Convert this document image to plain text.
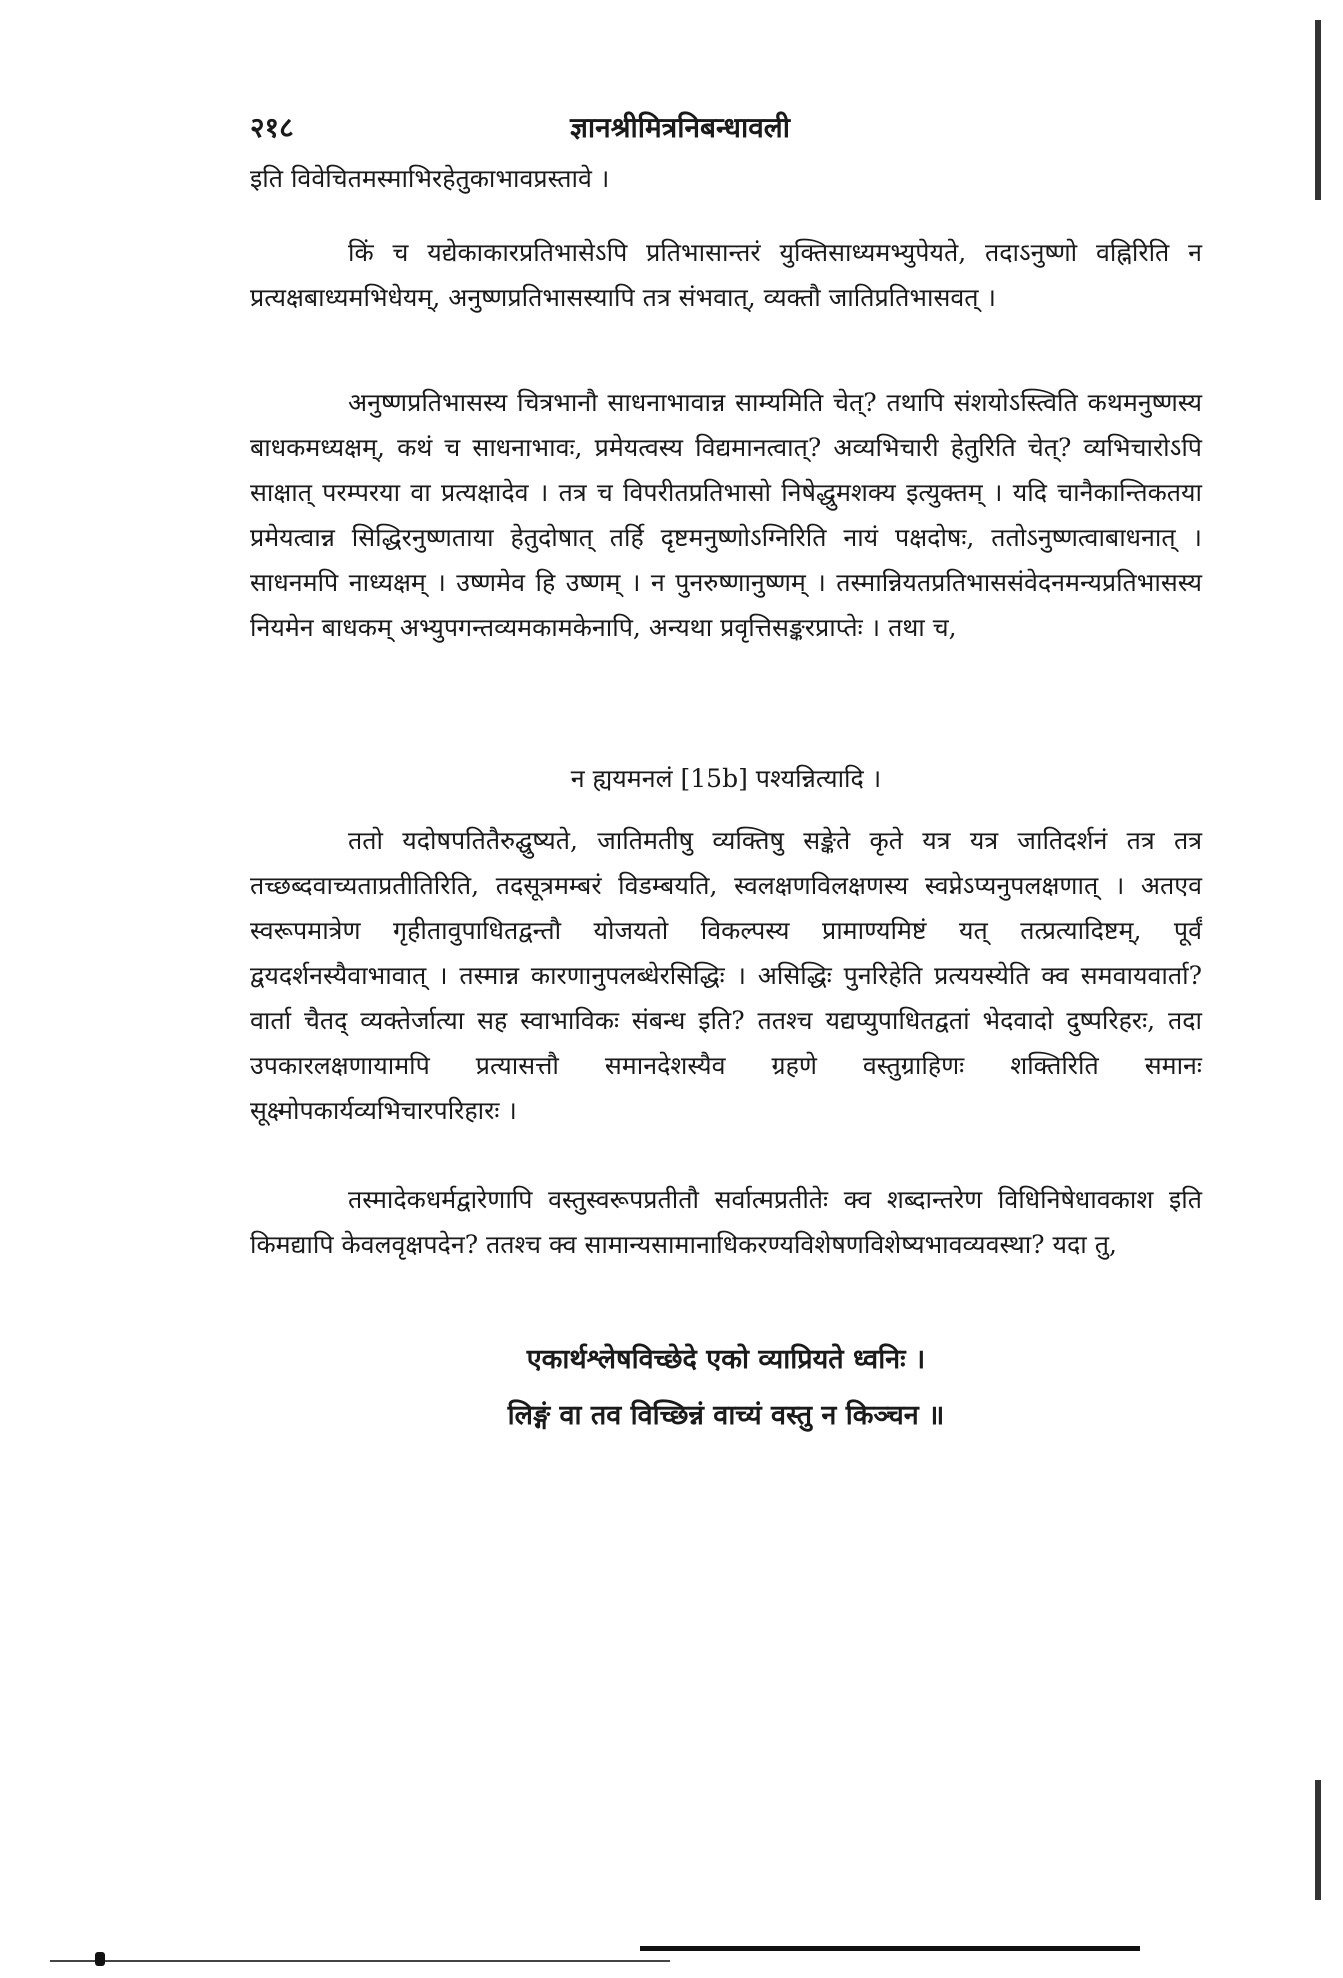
२१८	ज्ञानश्रीमित्रनिबन्धावली

इति विवेचितमस्माभिरहेतुकाभावप्रस्तावे ।

किं च यद्येकाकारप्रतिभासेऽपि प्रतिभासान्तरं युक्तिसाध्यमभ्युपेयते, तदाऽनुष्णो वह्निरिति न प्रत्यक्षबाध्यमभिधेयम्, अनुष्णप्रतिभासस्यापि तत्र संभवात्, व्यक्तौ जातिप्रतिभासवत् ।

अनुष्णप्रतिभासस्य चित्रभानौ साधनाभावान्न साम्यमिति चेत्? तथापि संशयोऽस्त्विति कथमनुष्णस्य बाधकमध्यक्षम्, कथं च साधनाभावः, प्रमेयत्वस्य विद्यमानत्वात्? अव्यभिचारी हेतुरिति चेत्? व्यभिचारोऽपि साक्षात् परम्परया वा प्रत्यक्षादेव । तत्र च विपरीतप्रतिभासो निषेद्धुमशक्य इत्युक्तम् । यदि चानैकान्तिकतया प्रमेयत्वान्न सिद्धिरनुष्णताया हेतुदोषात् तर्हि दृष्टमनुष्णोऽग्निरिति नायं पक्षदोषः, ततोऽनुष्णत्वाबाधनात् । साधनमपि नाध्यक्षम् । उष्णमेव हि उष्णम् । न पुनरुष्णानुष्णम् । तस्मान्नियतप्रतिभाससंवेदनमन्यप्रतिभासस्य नियमेन बाधकम् अभ्युपगन्तव्यमकामकेनापि, अन्यथा प्रवृत्तिसङ्करप्राप्तेः । तथा च,

न ह्ययमनलं [15b] पश्यन्नित्यादि ।

ततो यदोषपतितैरुद्घुष्यते, जातिमतीषु व्यक्तिषु सङ्केते कृते यत्र यत्र जातिदर्शनं तत्र तत्र तच्छब्दवाच्यताप्रतीतिरिति, तदसूत्रमम्बरं विडम्बयति, स्वलक्षणविलक्षणस्य स्वप्नेऽप्यनुपलक्षणात् । अतएव स्वरूपमात्रेण गृहीतावुपाधितद्वन्तौ योजयतो विकल्पस्य प्रामाण्यमिष्टं यत् तत्प्रत्यादिष्टम्, पूर्वं द्वयदर्शनस्यैवाभावात् । तस्मान्न कारणानुपलब्धेरसिद्धिः । असिद्धिः पुनरिहेति प्रत्ययस्येति क्व समवायवार्ता? वार्ता चैतद् व्यक्तेर्जात्या सह स्वाभाविकः संबन्ध इति? ततश्च यद्यप्युपाधितद्वतां भेदवादो दुष्परिहरः, तदा उपकारलक्षणायामपि प्रत्यासत्तौ समानदेशस्यैव ग्रहणे वस्तुग्राहिणः शक्तिरिति समानः सूक्ष्मोपकार्यव्यभिचारपरिहारः ।

तस्मादेकधर्मद्वारेणापि वस्तुस्वरूपप्रतीतौ सर्वात्मप्रतीतेः क्व शब्दान्तरेण विधिनिषेधावकाश इति किमद्यापि केवलवृक्षपदेन? ततश्च क्व सामान्यसामानाधिकरण्यविशेषणविशेष्यभावव्यवस्था? यदा तु,

एकार्थश्लेषविच्छेदे एको व्याप्रियते ध्वनिः ।
लिङ्गं वा तव विच्छिन्नं वाच्यं वस्तु न किञ्चन ॥
